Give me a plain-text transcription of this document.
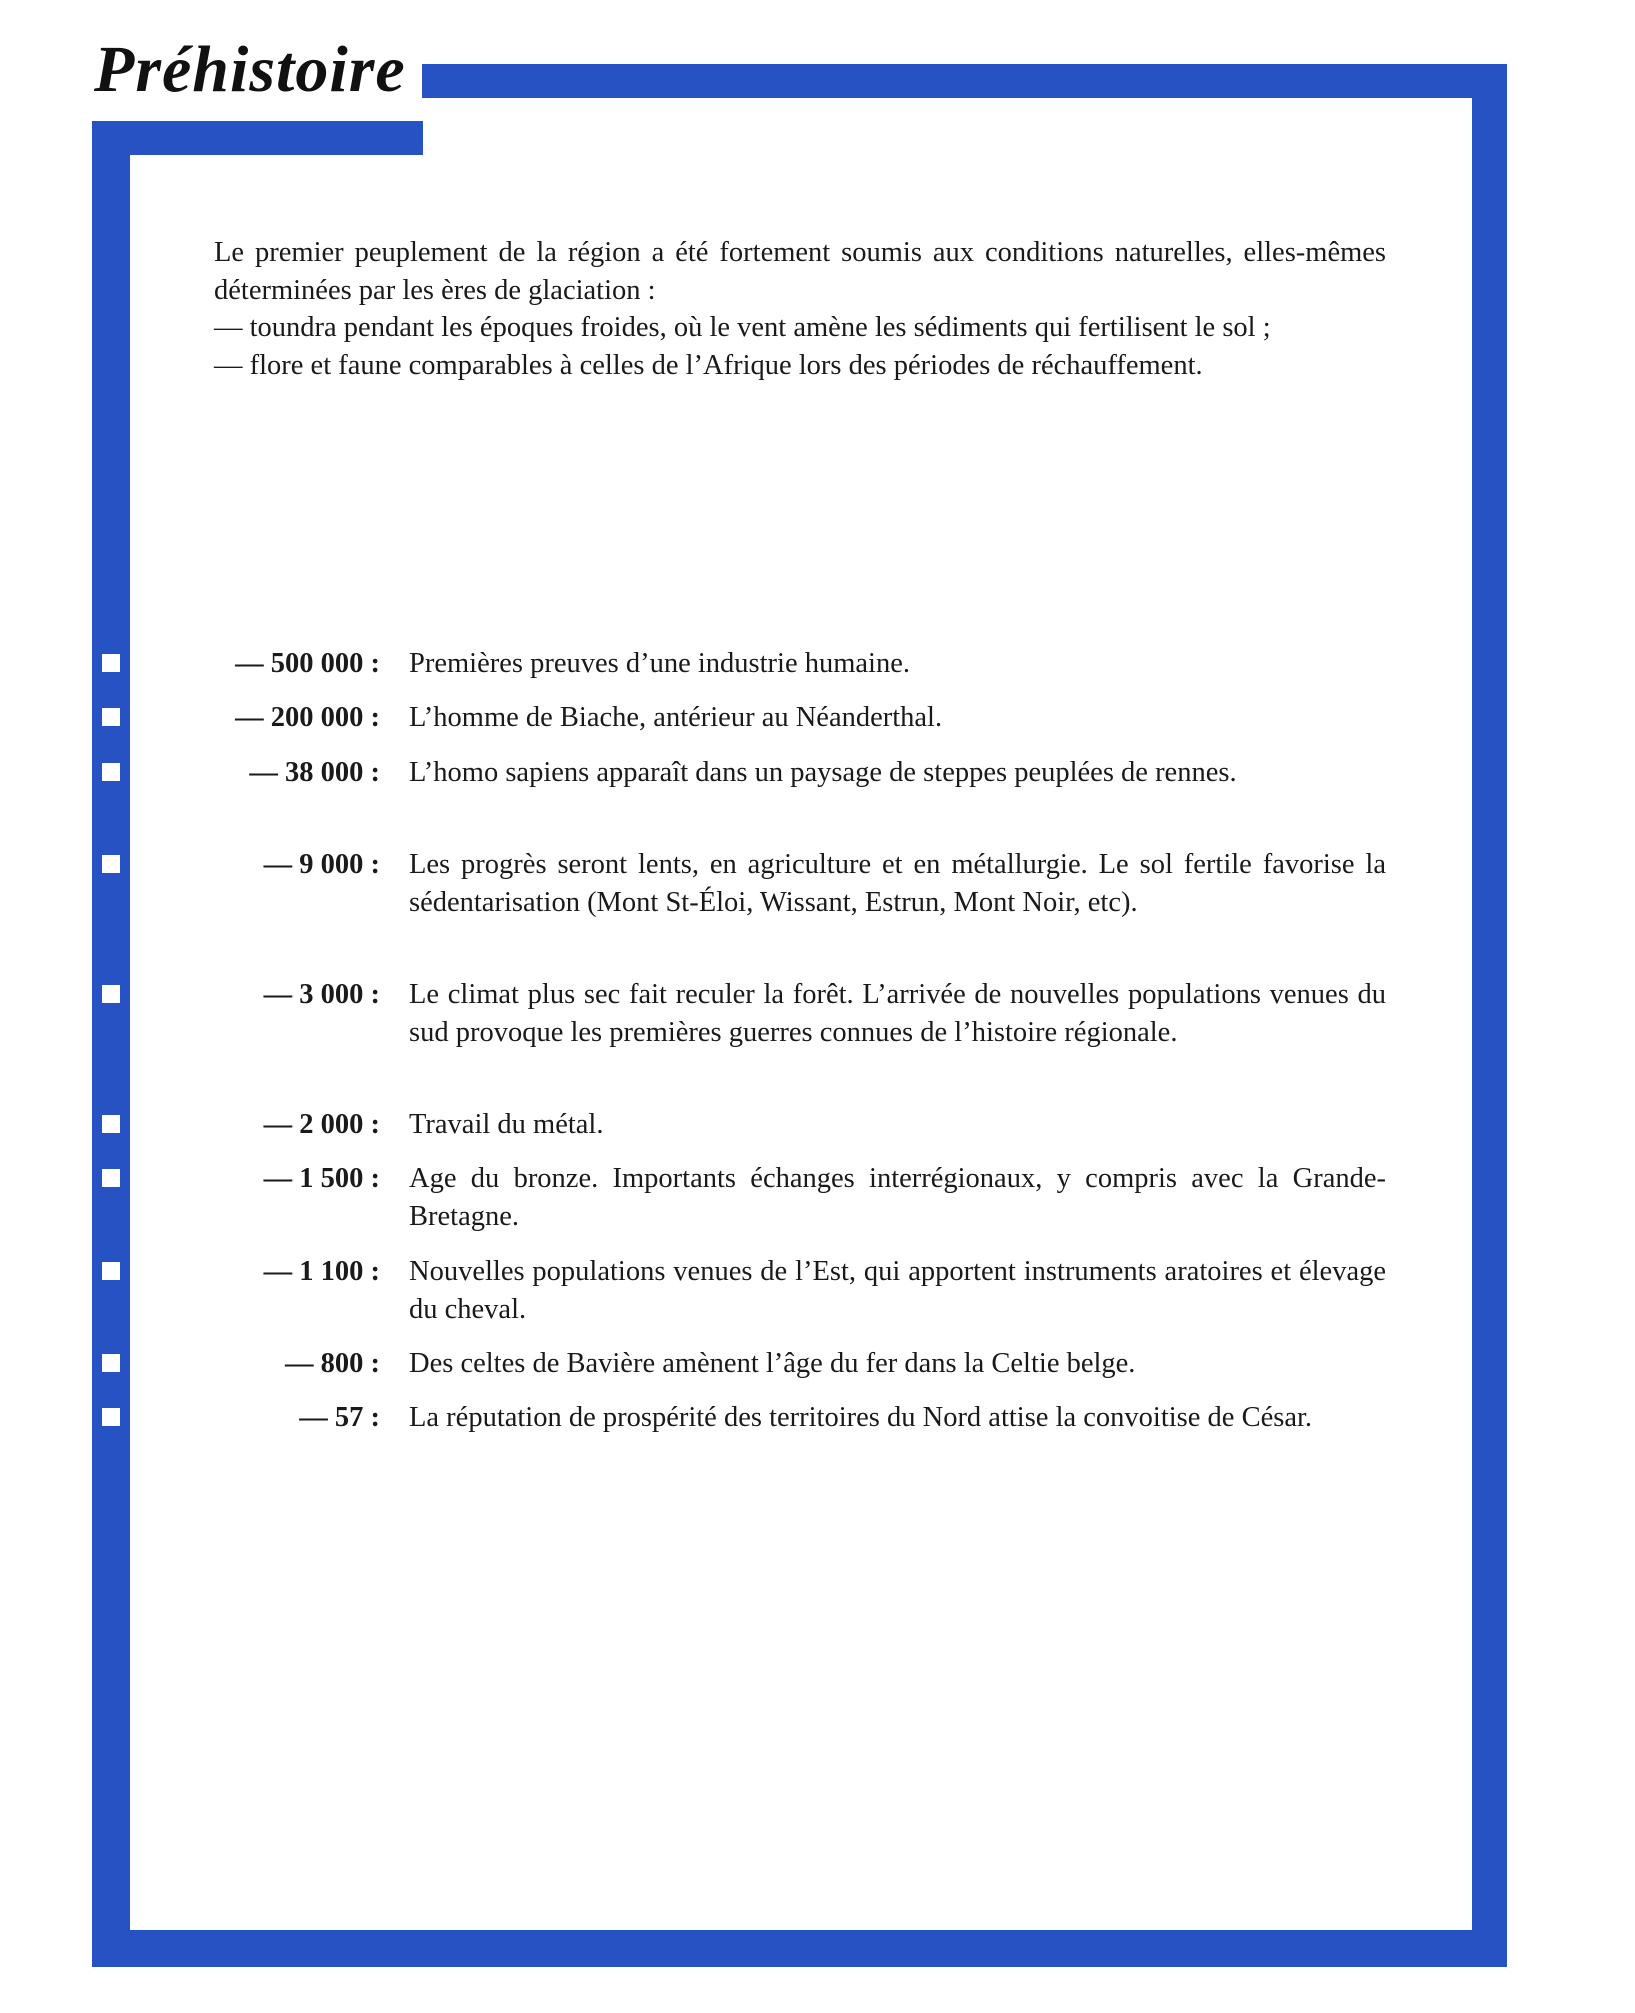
Préhistoire

Le premier peuplement de la région a été fortement soumis aux conditions naturelles, elles-mêmes déterminées par les ères de glaciation :

— toundra pendant les époques froides, où le vent amène les sédiments qui fertilisent le sol ;

— flore et faune comparables à celles de l’Afrique lors des périodes de réchauffement.

— 500 000 : Premières preuves d’une industrie humaine.
— 200 000 : L’homme de Biache, antérieur au Néanderthal.
— 38 000 : L’homo sapiens apparaît dans un paysage de steppes peuplées de rennes.
— 9 000 : Les progrès seront lents, en agriculture et en métallurgie. Le sol fertile favorise la sédentarisation (Mont St-Éloi, Wissant, Estrun, Mont Noir, etc).
— 3 000 : Le climat plus sec fait reculer la forêt. L’arrivée de nouvelles populations venues du sud provoque les premières guerres connues de l’histoire régionale.
— 2 000 : Travail du métal.
— 1 500 : Age du bronze. Importants échanges interrégionaux, y compris avec la Grande-Bretagne.
— 1 100 : Nouvelles populations venues de l’Est, qui apportent instruments aratoires et élevage du cheval.
— 800 : Des celtes de Bavière amènent l’âge du fer dans la Celtie belge.
— 57 : La réputation de prospérité des territoires du Nord attise la convoitise de César.
